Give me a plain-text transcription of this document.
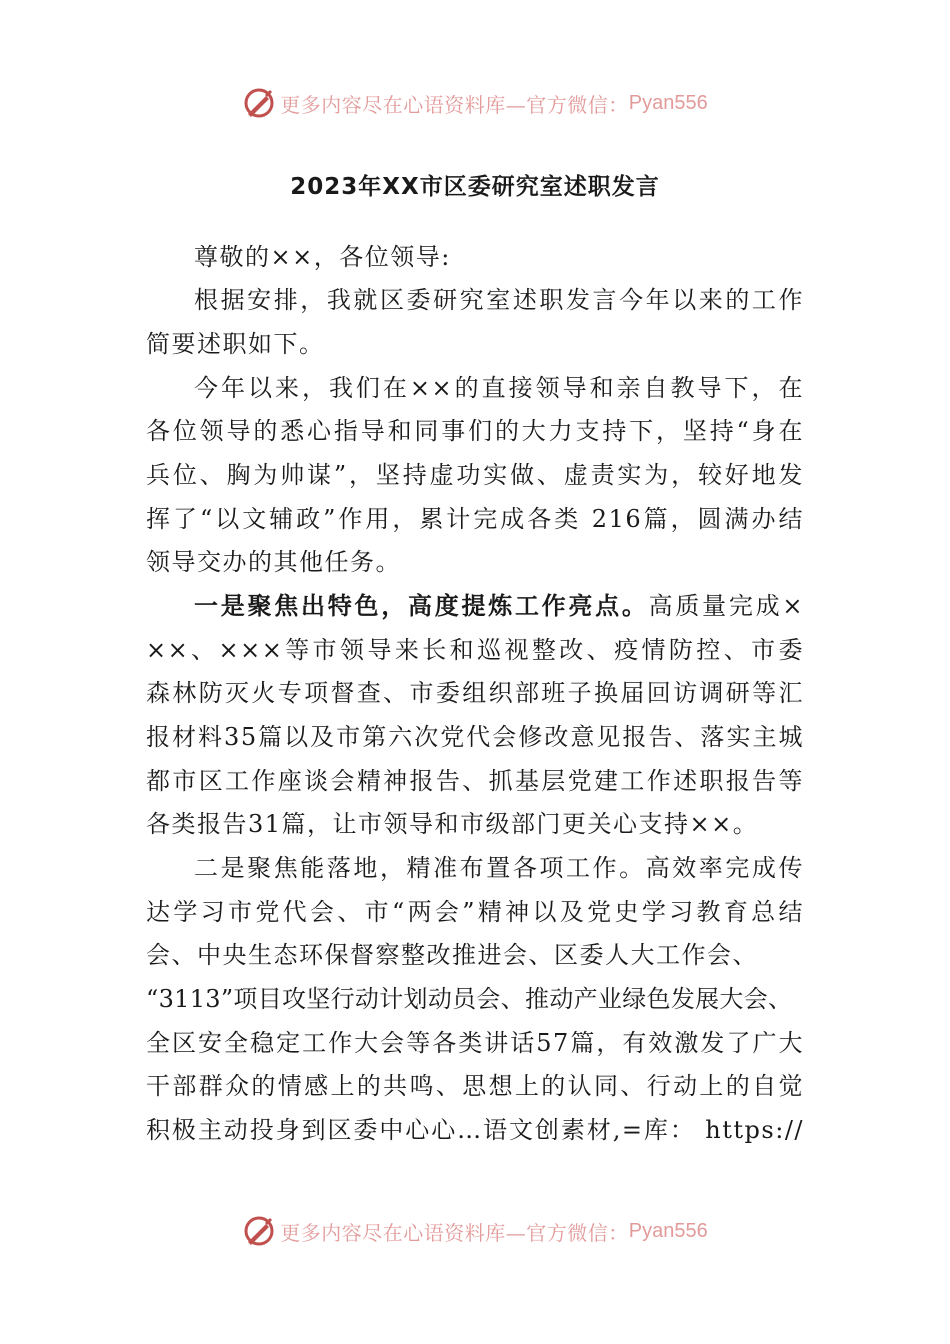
更多内容尽在心语资料库—官方微信： Pyan556
2023年XX市区委研究室述职发言
尊敬的××，各位领导:
根据安排，我就区委研究室述职发言今年以来的工作
简要述职如下。
今年以来，我们在××的直接领导和亲自教导下，在
各位领导的悉心指导和同事们的大力支持下，坚持“身在
兵位、胸为帅谋”，坚持虚功实做、虚责实为，较好地发
挥了“以文辅政”作用，累计完成各类 216篇，圆满办结
领导交办的其他任务。
一是聚焦出特色，高度提炼工作亮点。高质量完成×
××、×××等市领导来长和巡视整改、疫情防控、市委
森林防灭火专项督查、市委组织部班子换届回访调研等汇
报材料35篇以及市第六次党代会修改意见报告、落实主城
都市区工作座谈会精神报告、抓基层党建工作述职报告等
各类报告31篇，让市领导和市级部门更关心支持××。
二是聚焦能落地，精准布置各项工作。高效率完成传
达学习市党代会、市“两会”精神以及党史学习教育总结
会、中央生态环保督察整改推进会、区委人大工作会、
“3113”项目攻坚行动计划动员会、推动产业绿色发展大会、
全区安全稳定工作大会等各类讲话57篇，有效激发了广大
干部群众的情感上的共鸣、思想上的认同、行动上的自觉
积极主动投身到区委中心心…语文创素材,=库： https://
更多内容尽在心语资料库—官方微信： Pyan556
